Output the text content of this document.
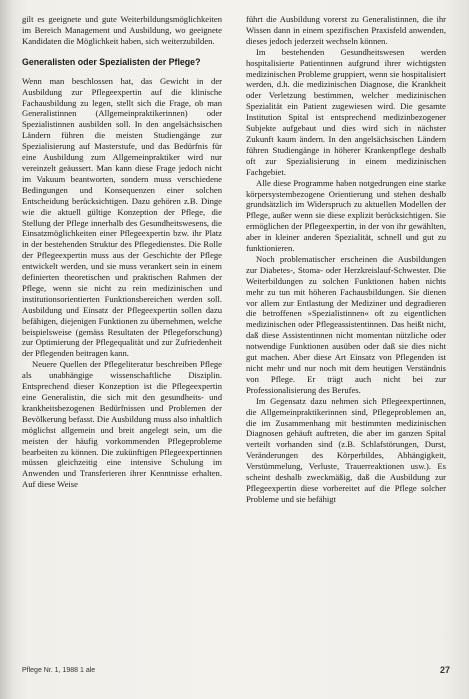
gilt es geeignete und gute Weiterbildungsmöglichkeiten im Bereich Management und Ausbildung, wo geeignete Kandidaten die Möglichkeit haben, sich weiterzubilden.

Generalisten oder Spezialisten der Pflege?

Wenn man beschlossen hat, das Gewicht in der Ausbildung zur Pflegeexpertin auf die klinische Fachausbildung zu legen, stellt sich die Frage, ob man Generalistinnen (Allgemeinpraktikerinnen) oder Spezialistinnen ausbilden soll. In den angelsächsischen Ländern führen die meisten Studiengänge zur Spezialisierung auf Masterstufe, und das Bedürfnis für eine Ausbildung zum Allgemeinpraktiker wird nur vereinzelt geäussert. Man kann diese Frage jedoch nicht im Vakuum beantworten, sondern muss verschiedene Bedingungen und Konsequenzen einer solchen Entscheidung berücksichtigen. Dazu gehören z.B. Dinge wie die aktuell gültige Konzeption der Pflege, die Stellung der Pflege innerhalb des Gesundheitswesens, die Einsatzmöglichkeiten einer Pflegeexpertin bzw. ihr Platz in der bestehenden Struktur des Pflegedienstes. Die Rolle der Pflegeexpertin muss aus der Geschichte der Pflege entwickelt werden, und sie muss verankert sein in einem definierten theoretischen und praktischen Rahmen der Pflege, wenn sie nicht zu rein medizinischen und institutionsorientierten Funktionsbereichen werden soll. Ausbildung und Einsatz der Pflegeexpertin sollen dazu befähigen, diejenigen Funktionen zu übernehmen, welche beispielsweise (gemäss Resultaten der Pflegeforschung) zur Optimierung der Pflegequalität und zur Zufriedenheit der Pflegenden beitragen kann.

Neuere Quellen der Pflegeliteratur beschreiben Pflege als unabhängige wissenschaftliche Disziplin. Entsprechend dieser Konzeption ist die Pflegeexpertin eine Generalistin, die sich mit den gesundheits- und krankheitsbezogenen Bedürfnissen und Problemen der Bevölkerung befasst. Die Ausbildung muss also inhaltlich möglichst allgemein und breit angelegt sein, um die meisten der häufig vorkommenden Pflegeprobleme bearbeiten zu können. Die zukünftigen Pflegeexpertinnen müssen gleichzeitig eine intensive Schulung im Anwenden und Transferieren ihrer Kenntnisse erhalten. Auf diese Weise

führt die Ausbildung vorerst zu Generalistinnen, die ihr Wissen dann in einem spezifischen Praxisfeld anwenden, dieses jedoch jederzeit wechseln können.

Im bestehenden Gesundheitswesen werden hospitalisierte Patientinnen aufgrund ihrer wichtigsten medizinischen Probleme gruppiert, wenn sie hospitalisiert werden, d.h. die medizinischen Diagnose, die Krankheit oder Verletzung bestimmen, welcher medizinischen Spezialität ein Patient zugewiesen wird. Die gesamte Institution Spital ist entsprechend medizinbezogener Subjekte aufgebaut und dies wird sich in nächster Zukunft kaum ändern. In den angelsächsischen Ländern führen Studiengänge in höherer Krankenpflege deshalb oft zur Spezialisierung in einem medizinischen Fachgebiet.

Alle diese Programme haben notgedrungen eine starke körpersystembezogene Orientierung und stehen deshalb grundsätzlich im Widerspruch zu aktuellen Modellen der Pflege, außer wenn sie diese explizit berücksichtigen. Sie ermöglichen der Pflegeexpertin, in der von ihr gewählten, aber in kleiner anderen Spezialität, schnell und gut zu funktionieren.

Noch problematischer erscheinen die Ausbildungen zur Diabetes-, Stoma- oder Herzkreislauf-Schwester. Die Weiterbildungen zu solchen Funktionen haben nichts mehr zu tun mit höheren Fachausbildungen. Sie dienen vor allem zur Entlastung der Mediziner und degradieren die betroffenen »Spezialistinnen« oft zu eigentlichen medizinischen oder Pflegeassistentinnen. Das heißt nicht, daß diese Assistentinnen nicht momentan nützliche oder notwendige Funktionen ausüben oder daß sie dies nicht gut machen. Aber diese Art Einsatz von Pflegenden ist nicht mehr und nur noch mit dem heutigen Verständnis von Pflege. Er trägt auch nicht bei zur Professionalisierung des Berufes.

Im Gegensatz dazu nehmen sich Pflegeexpertinnen, die Allgemeinpraktikerinnen sind, Pflegeproblemen an, die im Zusammenhang mit bestimmten medizinischen Diagnosen gehäuft auftreten, die aber im ganzen Spital verteilt vorhanden sind (z.B. Schlafstörungen, Durst, Veränderungen des Körperbildes, Abhängigkeit, Verstümmelung, Verluste, Trauerreaktionen usw.). Es scheint deshalb zweckmäßig, daß die Ausbildung zur Pflegeexpertin diese vorbereitet auf die Pflege solcher Probleme und sie befähigt

Pflege Nr. 1, 1988 1 ale	27
